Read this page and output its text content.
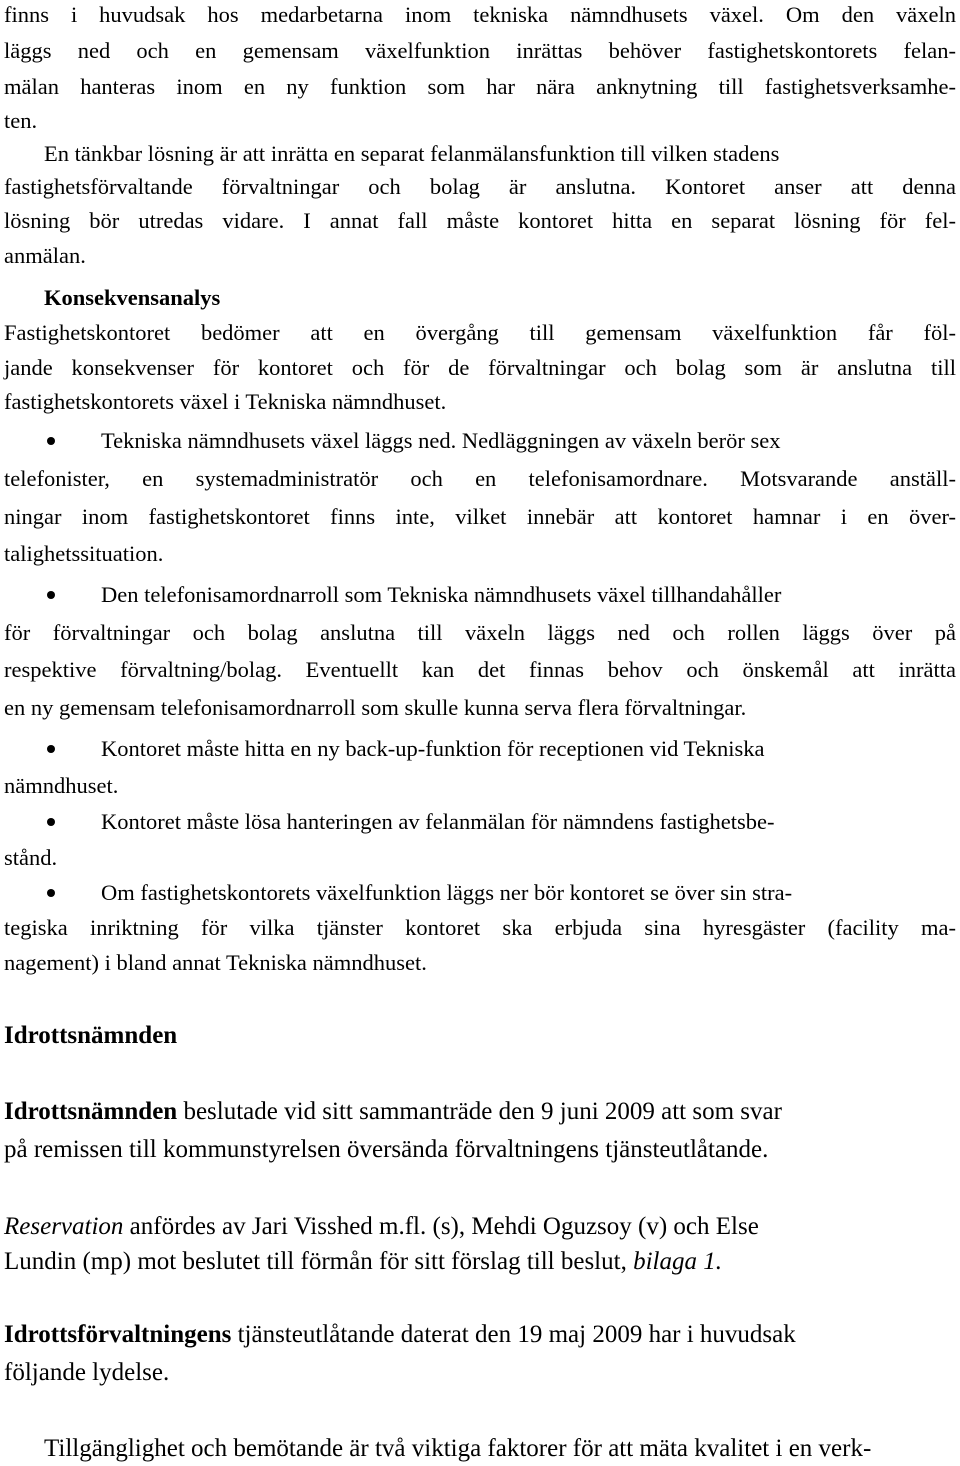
finns i huvudsak hos medarbetarna inom tekniska nämndhusets växel. Om den växeln
läggs ned och en gemensam växelfunktion inrättas behöver fastighetskontorets felan-
mälan hanteras inom en ny funktion som har nära anknytning till fastighetsverksamhe-
ten.
En tänkbar lösning är att inrätta en separat felanmälansfunktion till vilken stadens
fastighetsförvaltande förvaltningar och bolag är anslutna. Kontoret anser att denna
lösning bör utredas vidare. I annat fall måste kontoret hitta en separat lösning för fel-
anmälan.
Konsekvensanalys
Fastighetskontoret bedömer att en övergång till gemensam växelfunktion får föl-
jande konsekvenser för kontoret och för de förvaltningar och bolag som är anslutna till
fastighetskontorets växel i Tekniska nämndhuset.
Tekniska nämndhusets växel läggs ned. Nedläggningen av växeln berör sex
telefonister, en systemadministratör och en telefonisamordnare. Motsvarande anställ-
ningar inom fastighetskontoret finns inte, vilket innebär att kontoret hamnar i en över-
talighetssituation.
Den telefonisamordnarroll som Tekniska nämndhusets växel tillhandahåller
för förvaltningar och bolag anslutna till växeln läggs ned och rollen läggs över på
respektive förvaltning/bolag. Eventuellt kan det finnas behov och önskemål att inrätta
en ny gemensam telefonisamordnarroll som skulle kunna serva flera förvaltningar.
Kontoret måste hitta en ny back-up-funktion för receptionen vid Tekniska
nämndhuset.
Kontoret måste lösa hanteringen av felanmälan för nämndens fastighetsbe-
stånd.
Om fastighetskontorets växelfunktion läggs ner bör kontoret se över sin stra-
tegiska inriktning för vilka tjänster kontoret ska erbjuda sina hyresgäster (facility ma-
nagement) i bland annat Tekniska nämndhuset.
Idrottsnämnden
Idrottsnämnden beslutade vid sitt sammanträde den 9 juni 2009 att som svar
på remissen till kommunstyrelsen översända förvaltningens tjänsteutlåtande.
Reservation anfördes av Jari Visshed m.fl. (s), Mehdi Oguzsoy (v) och Else
Lundin (mp) mot beslutet till förmån för sitt förslag till beslut, bilaga 1.
Idrottsförvaltningens tjänsteutlåtande daterat den 19 maj 2009 har i huvudsak
följande lydelse.
Tillgänglighet och bemötande är två viktiga faktorer för att mäta kvalitet i en verk-
